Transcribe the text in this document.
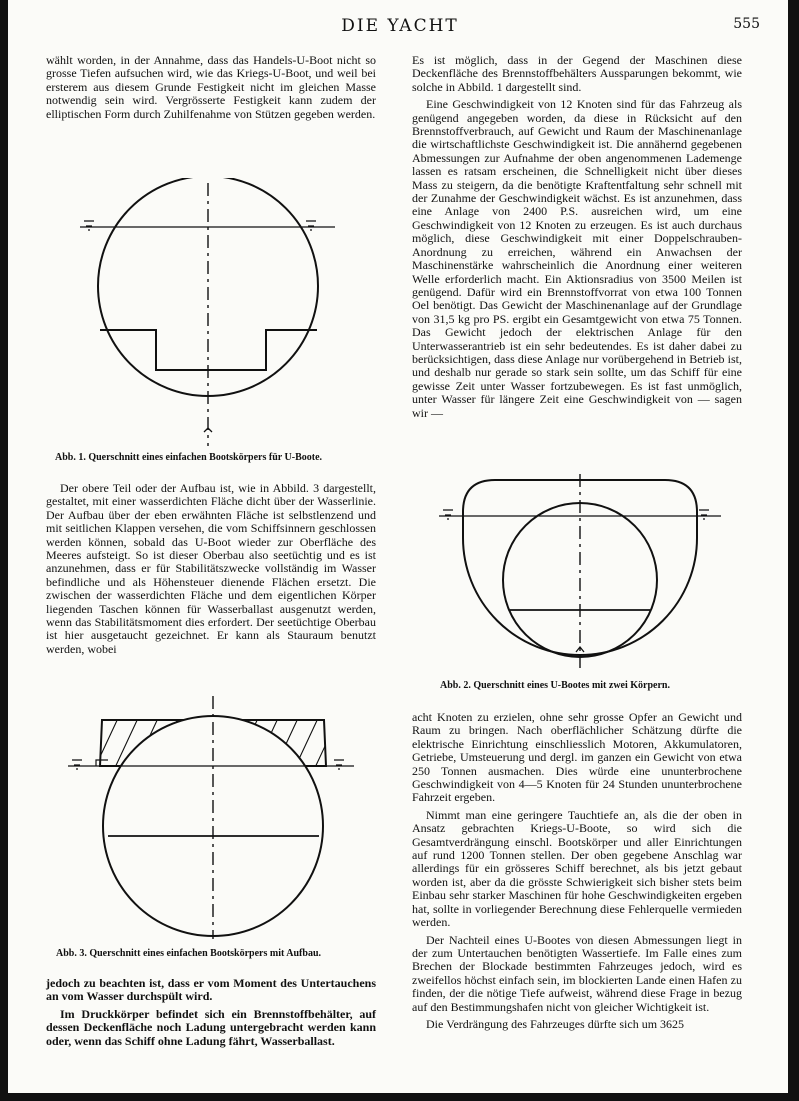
DIE YACHT	555

wählt worden, in der Annahme, dass das Handels-U-Boot nicht so grosse Tiefen aufsuchen wird, wie das Kriegs-U-Boot, und weil bei ersterem aus diesem Grunde Festigkeit nicht im gleichen Masse notwendig sein wird. Vergrösserte Festigkeit kann zudem der elliptischen Form durch Zuhilfenahme von Stützen gegeben werden.

Abb. 1. Querschnitt eines einfachen Bootskörpers für U-Boote.

Der obere Teil oder der Aufbau ist, wie in Abbild. 3 dargestellt, gestaltet, mit einer wasserdichten Fläche dicht über der Wasserlinie. Der Aufbau über der eben erwähnten Fläche ist selbstlenzend und mit seitlichen Klappen versehen, die vom Schiffsinnern geschlossen werden können, sobald das U-Boot wieder zur Oberfläche des Meeres aufsteigt. So ist dieser Oberbau also seetüchtig und es ist anzunehmen, dass er für Stabilitätszwecke vollständig im Wasser befindliche und als Höhensteuer dienende Flächen ersetzt. Die zwischen der wasserdichten Fläche und dem eigentlichen Körper liegenden Taschen können für Wasserballast ausgenutzt werden, wenn das Stabilitätsmoment dies erfordert. Der seetüchtige Oberbau ist hier ausgetaucht gezeichnet. Er kann als Stauraum benutzt werden, wobei

Abb. 3. Querschnitt eines einfachen Bootskörpers mit Aufbau.

jedoch zu beachten ist, dass er vom Moment des Untertauchens an vom Wasser durchspült wird.

Im Druckkörper befindet sich ein Brennstoffbehälter, auf dessen Deckenfläche noch Ladung untergebracht werden kann oder, wenn das Schiff ohne Ladung fährt, Wasserballast.

Es ist möglich, dass in der Gegend der Maschinen diese Deckenfläche des Brennstoffbehälters Aussparungen bekommt, wie solche in Abbild. 1 dargestellt sind.

Eine Geschwindigkeit von 12 Knoten sind für das Fahrzeug als genügend angegeben worden, da diese in Rücksicht auf den Brennstoffverbrauch, auf Gewicht und Raum der Maschinenanlage die wirtschaftlichste Geschwindigkeit ist. Die annähernd gegebenen Abmessungen zur Aufnahme der oben angenommenen Lademenge lassen es ratsam erscheinen, die Schnelligkeit nicht über dieses Mass zu steigern, da die benötigte Kraftentfaltung sehr schnell mit der Zunahme der Geschwindigkeit wächst. Es ist anzunehmen, dass eine Anlage von 2400 P.S. ausreichen wird, um eine Geschwindigkeit von 12 Knoten zu erzeugen. Es ist auch durchaus möglich, diese Geschwindigkeit mit einer Doppelschrauben-Anordnung zu erreichen, während ein Anwachsen der Maschinenstärke wahrscheinlich die Anordnung einer weiteren Welle erforderlich macht. Ein Aktionsradius von 3500 Meilen ist genügend. Dafür wird ein Brennstoffvorrat von etwa 100 Tonnen Oel benötigt. Das Gewicht der Maschinenanlage auf der Grundlage von 31,5 kg pro PS. ergibt ein Gesamtgewicht von etwa 75 Tonnen. Das Gewicht jedoch der elektrischen Anlage für den Unterwasserantrieb ist ein sehr bedeutendes. Es ist daher dabei zu berücksichtigen, dass diese Anlage nur vorübergehend in Betrieb ist, und deshalb nur gerade so stark sein sollte, um das Schiff für eine gewisse Zeit unter Wasser fortzubewegen. Es ist fast unmöglich, unter Wasser für längere Zeit eine Geschwindigkeit von — sagen wir —

Abb. 2. Querschnitt eines U-Bootes mit zwei Körpern.

acht Knoten zu erzielen, ohne sehr grosse Opfer an Gewicht und Raum zu bringen. Nach oberflächlicher Schätzung dürfte die elektrische Einrichtung einschliesslich Motoren, Akkumulatoren, Getriebe, Umsteuerung und dergl. im ganzen ein Gewicht von etwa 250 Tonnen ausmachen. Dies würde eine ununterbrochene Geschwindigkeit von 4—5 Knoten für 24 Stunden ununterbrochene Fahrzeit ergeben.

Nimmt man eine geringere Tauchtiefe an, als die der oben in Ansatz gebrachten Kriegs-U-Boote, so wird sich die Gesamtverdrängung einschl. Bootskörper und aller Einrichtungen auf rund 1200 Tonnen stellen. Der oben gegebene Anschlag war allerdings für ein grösseres Schiff berechnet, als bis jetzt gebaut worden ist, aber da die grösste Schwierigkeit sich bisher stets beim Einbau sehr starker Maschinen für hohe Geschwindigkeiten ergeben hat, sollte in vorliegender Berechnung diese Fehlerquelle vermieden werden.

Der Nachteil eines U-Bootes von diesen Abmessungen liegt in der zum Untertauchen benötigten Wassertiefe. Im Falle eines zum Brechen der Blockade bestimmten Fahrzeuges jedoch, wird es zweifellos höchst einfach sein, im blockierten Lande einen Hafen zu finden, der die nötige Tiefe aufweist, während diese Frage in bezug auf den Bestimmungshafen nicht von gleicher Wichtigkeit ist.

Die Verdrängung des Fahrzeuges dürfte sich um 3625
